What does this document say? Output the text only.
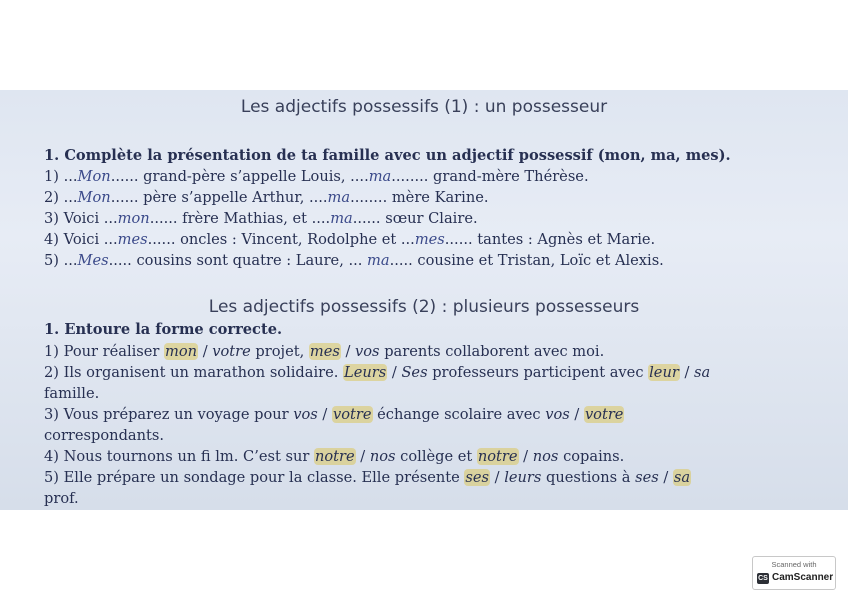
Les adjectifs possessifs (1) : un possesseur
1. Complète la présentation de ta famille avec un adjectif possessif (mon, ma, mes).
1) ...Mon...... grand-père s’appelle Louis, ....ma........ grand-mère Thérèse.
2) ...Mon...... père s’appelle Arthur, ....ma........ mère Karine.
3) Voici ...mon...... frère Mathias, et ....ma...... sœur Claire.
4) Voici ...mes...... oncles : Vincent, Rodolphe et ...mes...... tantes : Agnès et Marie.
5) ...Mes..... cousins sont quatre : Laure, ... ma..... cousine et Tristan, Loïc et Alexis.
Les adjectifs possessifs (2) : plusieurs possesseurs
1. Entoure la forme correcte.
1) Pour réaliser mon / votre projet, mes / vos parents collaborent avec moi.
2) Ils organisent un marathon solidaire. Leurs / Ses professeurs participent avec leur / sa
famille.
3) Vous préparez un voyage pour vos / votre échange scolaire avec vos / votre
correspondants.
4) Nous tournons un fi lm. C’est sur notre / nos collège et notre / nos copains.
5) Elle prépare un sondage pour la classe. Elle présente ses / leurs questions à ses / sa
prof.
Scanned with
CS CamScanner
